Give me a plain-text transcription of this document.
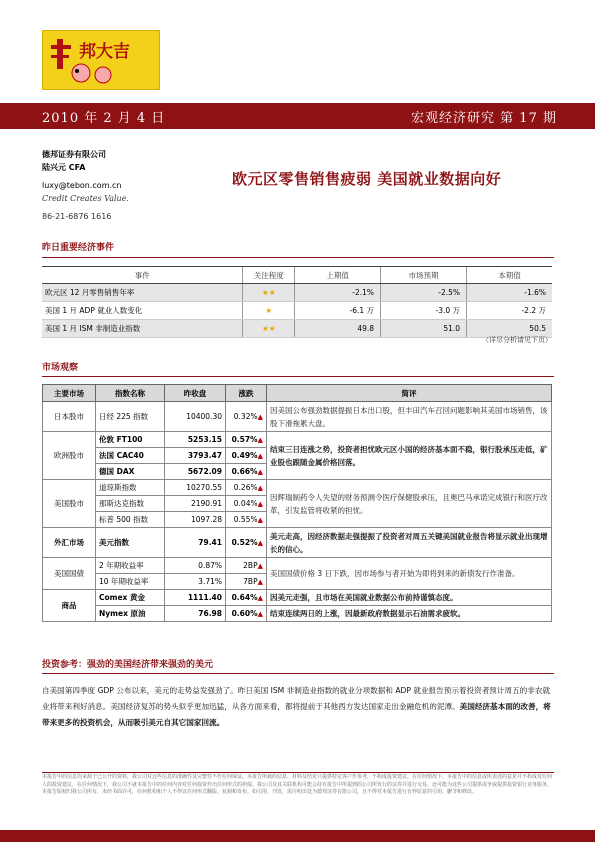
邦大吉
2010 年 2 月 4 日	宏观经济研究 第 17 期
德邦证券有限公司
陆兴元 CFA
luxy@tebon.com.cn
Credit Creates Value.
86-21-6876 1616
欧元区零售销售疲弱 美国就业数据向好
昨日重要经济事件
事件	关注程度	上期值	市场预期	本期值
欧元区 12 月零售销售年率	★★	-2.1%	-2.5%	-1.6%
美国 1 月 ADP 就业人数变化	★	-6.1 万	-3.0 万	-2.2 万
美国 1 月 ISM 非制造业指数	★★	49.8	51.0	50.5
（详尽分析请见下页）
市场观察
主要市场	指数名称	昨收盘	涨跌	简评
日本股市	日经 225 指数	10400.30	0.32%▲	因美国公布强劲数据提振日本出口股，但丰田汽车召回问题影响其美国市场销售，该股下滑拖累大盘。
欧洲股市	伦敦 FT100	5253.15	0.57%▲	结束三日连涨之势，投资者担忧欧元区小国的经济基本面不稳，银行股承压走低，矿业股也跟随金属价格回落。
	法国 CAC40	3793.47	0.49%▲	
	德国 DAX	5672.09	0.66%▲	
美国股市	道琼斯指数	10270.55	0.26%▲	因辉瑞制药令人失望的财务预测令医疗保健股承压，且奥巴马承诺完成银行和医疗改革，引发监管将收紧的担忧。
	那斯达克指数	2190.91	0.04%▲	
	标普 500 指数	1097.28	0.55%▲	
外汇市场	美元指数	79.41	0.52%▲	美元走高，因经济数据走强提振了投资者对周五关键美国就业报告将显示就业出现增长的信心。
美国国债	2 年期收益率	0.87%	2BP▲	美国国债价格 3 日下跌，因市场参与者开始为即将到来的新债发行作准备。
	10 年期收益率	3.71%	7BP▲	
商品	Comex 黄金	1111.40	0.64%▲	因美元走强，且市场在美国就业数据公布前持谨慎态度。
	Nymex 原油	76.98	0.60%▲	结束连续两日的上涨，因最新政府数据显示石油需求疲软。
投资参考：强劲的美国经济带来强劲的美元
自美国第四季度 GDP 公布以来，美元的走势益发强劲了。昨日美国 ISM 非制造业指数的就业分项数据和 ADP 就业报告预示着投资者预计周五的非农就业将带来利好消息。美国经济复苏的势头似乎更加迅猛，从各方面来看，都将提前于其他西方发达国家走出金融危机的泥潭。美国经济基本面的改善，将带来更多的投资机会，从而吸引美元自其它国家回流。
本报告中的信息均来源于已公开的资料，我公司对这些信息的准确性及完整性不作任何保证。本报告所载的信息、材料及结论只提供特定客户作参考，不构成投资建议。在任何情况下，本报告中的信息或所表述的意见并不构成对任何人的投资建议，在任何情况下，我公司不就本报告中的任何内容对任何投资作出任何形式的担保。我公司及其关联机构可能会持有报告中所提到的公司所发行的证券并进行交易，还可能为这些公司提供或争取提供投资银行业务服务。本报告版权归我公司所有，未经书面许可，任何机构和个人不得以任何形式翻版、复制和发布。如引用、刊发，需注明出处为德邦证券有限公司，且不得对本报告进行有悖原意的引用、删节和修改。
